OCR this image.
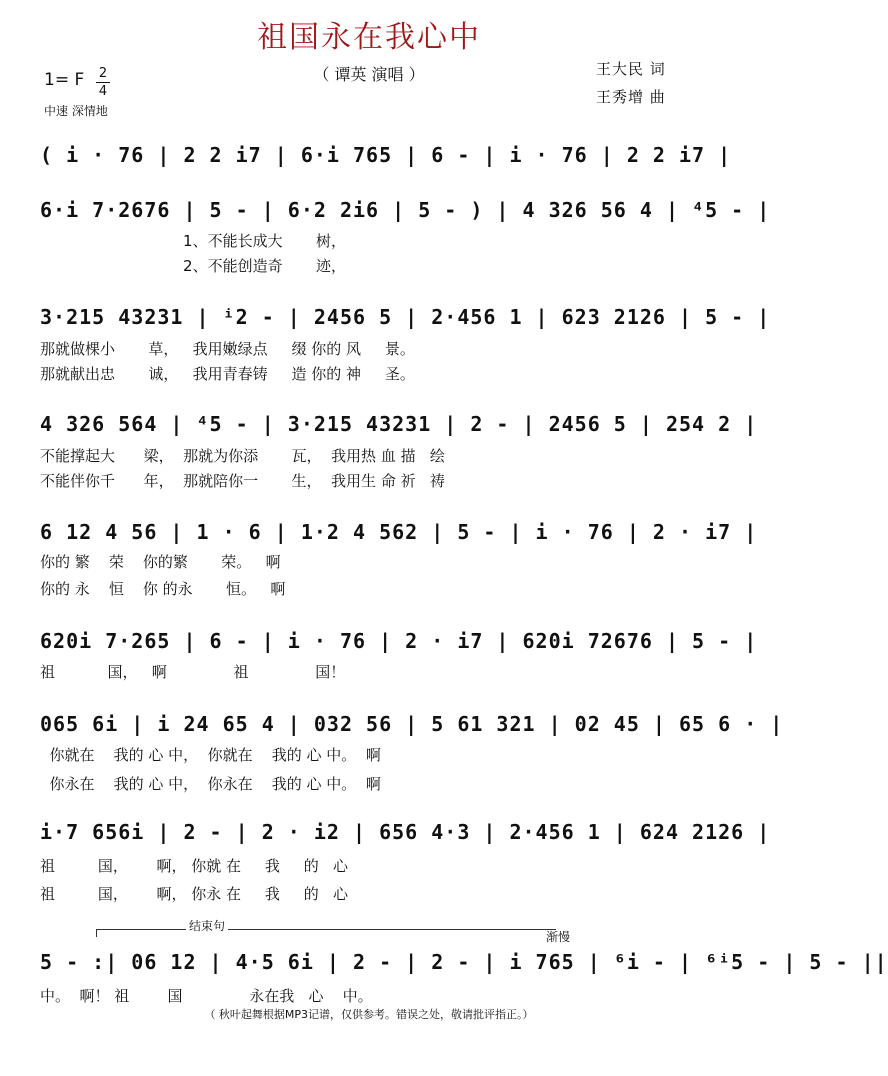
祖国永在我心中
（ 谭英 演唱 ）	王大民 词
王秀增 曲
1= F 2
4
中速 深情地
( i · 76 | 2 2 i7 | 6·i 765 | 6 - | i · 76 | 2 2 i7 |
6·i 7·2676 | 5 - | 6·2 2i6 | 5 - ) | 4 326 56 4 | ⁴5 - |
1、不能长成大       树，
2、不能创造奇       迹，
3·215 43231 | ⁱ2 - | 2456 5 | 2·456 1 | 623 2126 | 5 - |
那就做棵小       草，   我用嫩绿点     缀 你的 风     景。
那就献出忠       诚，   我用青春铸     造 你的 神     圣。
4 326 564 | ⁴5 - | 3·215 43231 | 2 - | 2456 5 | 254 2 |
不能撑起大      梁，  那就为你添       瓦，  我用热 血 描   绘
不能伴你千      年，  那就陪你一       生，  我用生 命 祈   祷
6 12 4 56 | 1 · 6 | 1·2 4 562 | 5 - | i · 76 | 2 · i7 |
你的 繁    荣    你的繁       荣。   啊
你的 永    恒    你 的永       恒。   啊
620i 7·265 | 6 - | i · 76 | 2 · i7 | 620i 72676 | 5 - |
祖           国，   啊              祖              国！
065 6i | i 24 65 4 | 032 56 | 5 61 321 | 02 45 | 65 6 · |
你就在    我的 心 中，  你就在    我的 心 中。  啊
你永在    我的 心 中，  你永在    我的 心 中。  啊
i·7 656i | 2 - | 2 · i2 | 656 4·3 | 2·456 1 | 624 2126 |
祖         国，      啊， 你就 在     我     的   心
祖         国，      啊， 你永 在     我     的   心
5 - :| 06 12 | 4·5 6i | 2 - | 2 - | i 765 | ⁶i - | ⁶ⁱ5 - | 5 - ||
中。  啊！ 祖        国              永在我   心    中。
结束句
渐慢
（ 秋叶起舞根据MP3记谱，仅供参考。错误之处，敬请批评指正。）
